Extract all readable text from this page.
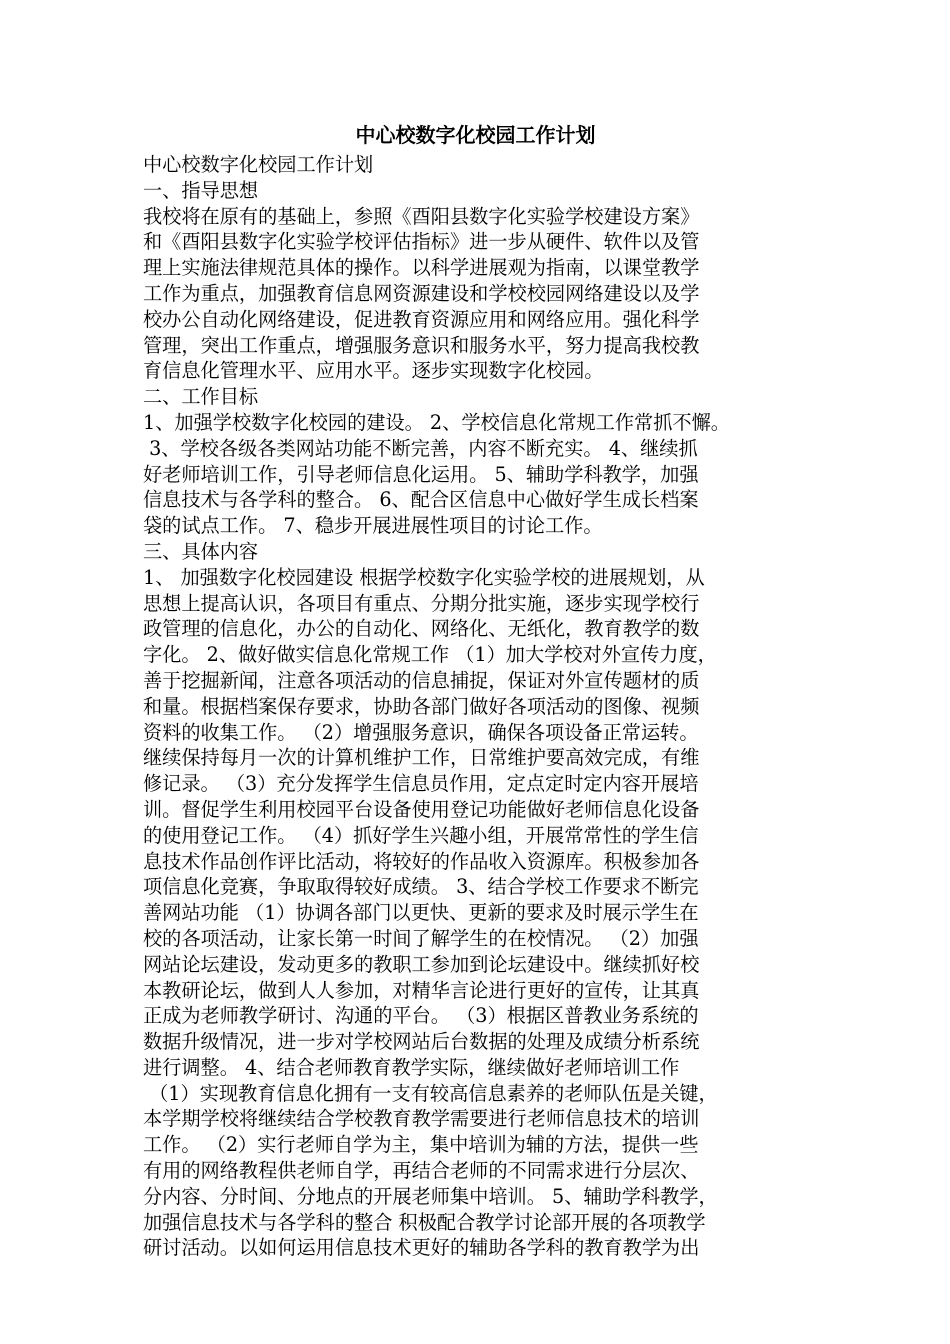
中心校数字化校园工作计划
中心校数字化校园工作计划
一、指导思想
我校将在原有的基础上，参照《酉阳县数字化实验学校建设方案》
和《酉阳县数字化实验学校评估指标》进一步从硬件、软件以及管
理上实施法律规范具体的操作。以科学进展观为指南，以课堂教学
工作为重点，加强教育信息网资源建设和学校校园网络建设以及学
校办公自动化网络建设，促进教育资源应用和网络应用。强化科学
管理，突出工作重点，增强服务意识和服务水平，努力提高我校教
育信息化管理水平、应用水平。逐步实现数字化校园。
二、工作目标
1、加强学校数字化校园的建设。 2、学校信息化常规工作常抓不懈。
3、学校各级各类网站功能不断完善，内容不断充实。 4、继续抓
好老师培训工作，引导老师信息化运用。 5、辅助学科教学，加强
信息技术与各学科的整合。 6、配合区信息中心做好学生成长档案
袋的试点工作。 7、稳步开展进展性项目的讨论工作。
三、具体内容
1、 加强数字化校园建设 根据学校数字化实验学校的进展规划，从
思想上提高认识，各项目有重点、分期分批实施，逐步实现学校行
政管理的信息化，办公的自动化、网络化、无纸化，教育教学的数
字化。 2、做好做实信息化常规工作 （1）加大学校对外宣传力度，
善于挖掘新闻，注意各项活动的信息捕捉，保证对外宣传题材的质
和量。根据档案保存要求，协助各部门做好各项活动的图像、视频
资料的收集工作。 （2）增强服务意识，确保各项设备正常运转。
继续保持每月一次的计算机维护工作，日常维护要高效完成，有维
修记录。 （3）充分发挥学生信息员作用，定点定时定内容开展培
训。督促学生利用校园平台设备使用登记功能做好老师信息化设备
的使用登记工作。 （4）抓好学生兴趣小组，开展常常性的学生信
息技术作品创作评比活动，将较好的作品收入资源库。积极参加各
项信息化竞赛，争取取得较好成绩。 3、结合学校工作要求不断完
善网站功能 （1）协调各部门以更快、更新的要求及时展示学生在
校的各项活动，让家长第一时间了解学生的在校情况。 （2）加强
网站论坛建设，发动更多的教职工参加到论坛建设中。继续抓好校
本教研论坛，做到人人参加，对精华言论进行更好的宣传，让其真
正成为老师教学研讨、沟通的平台。 （3）根据区普教业务系统的
数据升级情况，进一步对学校网站后台数据的处理及成绩分析系统
进行调整。 4、结合老师教育教学实际，继续做好老师培训工作
（1）实现教育信息化拥有一支有较高信息素养的老师队伍是关键，
本学期学校将继续结合学校教育教学需要进行老师信息技术的培训
工作。 （2）实行老师自学为主，集中培训为辅的方法，提供一些
有用的网络教程供老师自学，再结合老师的不同需求进行分层次、
分内容、分时间、分地点的开展老师集中培训。 5、辅助学科教学，
加强信息技术与各学科的整合 积极配合教学讨论部开展的各项教学
研讨活动。以如何运用信息技术更好的辅助各学科的教育教学为出
